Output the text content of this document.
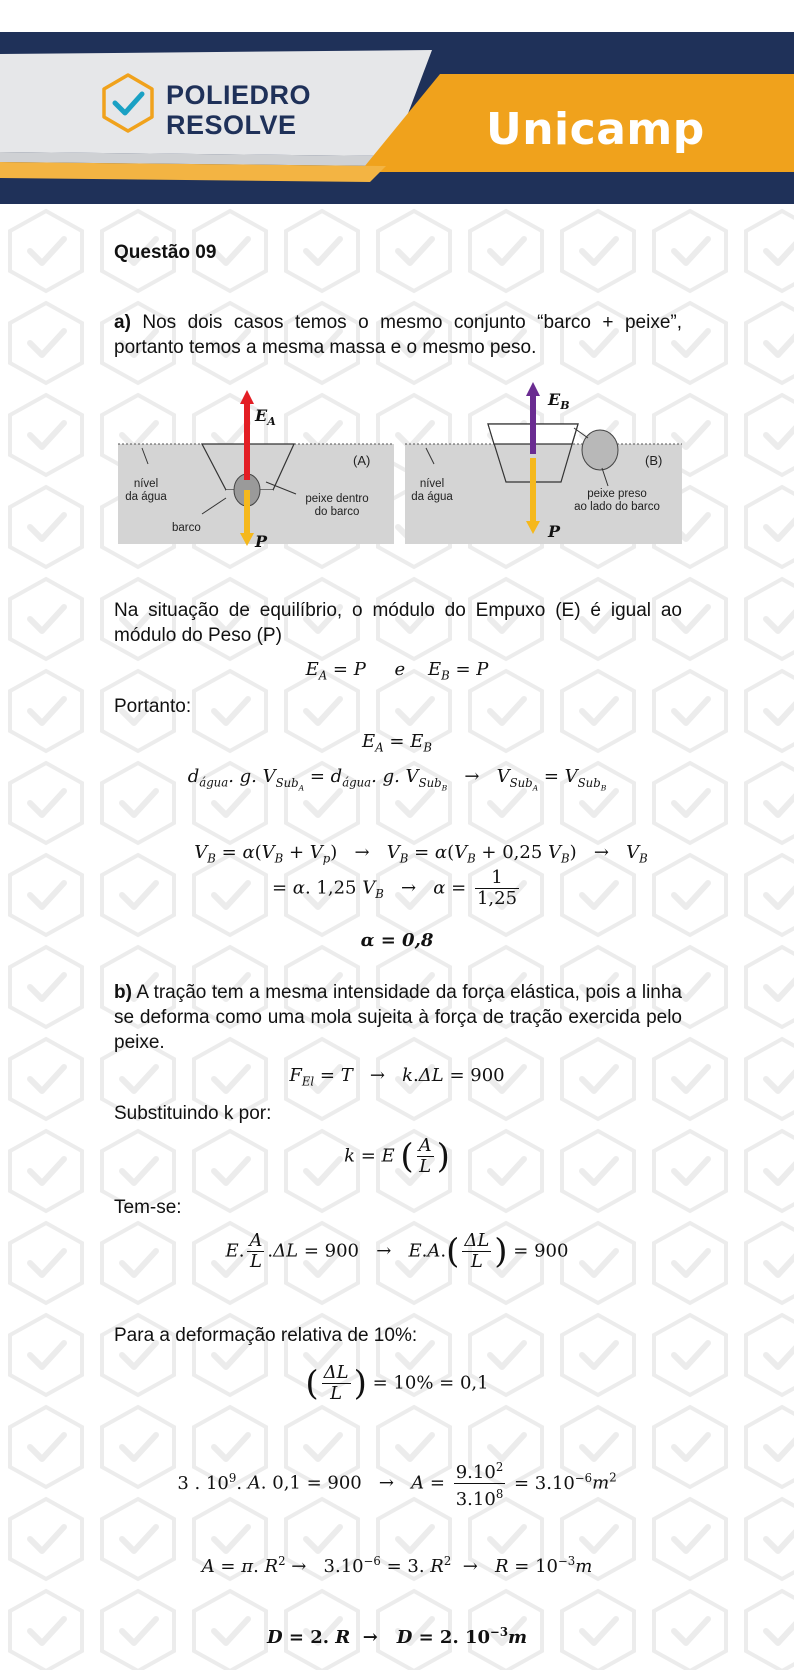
POLIEDRO
RESOLVE	Unicamp
Questão 09

a) Nos dois casos temos o mesmo conjunto “barco + peixe”, portanto temos a mesma massa e o mesmo peso.

(A)
nível
da água
barco
peixe dentro
do barco
$E_A$
P
(B)
nível
da água	peixe preso
ao lado do barco
$E_B$
P

Na situação de equilíbrio, o módulo do Empuxo (E) é igual ao módulo do Peso (P)

$E_A = P$     e    $E_B = P$
Portanto:
$E_A = E_B$
$d_{água}$. g. $V_{Sub_A} = d_{água}$. g. $V_{Sub_B} \to V_{Sub_A} = V_{Sub_B}$
$V_B = \alpha(V_B + V_p) \to V_B = \alpha(V_B + 0,25$ $V_B) \to V_B$
= α. 1,25 $V_B \to \alpha = \frac{1}{1,25}$
α = 0,8

b) A tração tem a mesma intensidade da força elástica, pois a linha se deforma como uma mola sujeita à força de tração exercida pelo peixe.

$F_{El} = T \to k.\Delta L = 900$
Substituindo k por:
k = E ( $\frac{A}{L}$ )
Tem-se:
E. $\frac{A}{L} .\Delta L = 900 \to E.A.( \frac{\Delta L}{L}$ ) = 900
Para a deformação relativa de 10%:
( $\frac{\Delta L}{L}$ ) = 10% = 0,1
3 . $10^9$. A. $0,1 = 900 \to A = \frac{9.10^2}{3.10^8} = 3.10^{-6}m^2$
A = π. $R^2 \to 3.10^{-6} = 3$. $R^2 \to R = 10^{-3}m$
D = 2. R → D = 2. $10^{-3}m$
